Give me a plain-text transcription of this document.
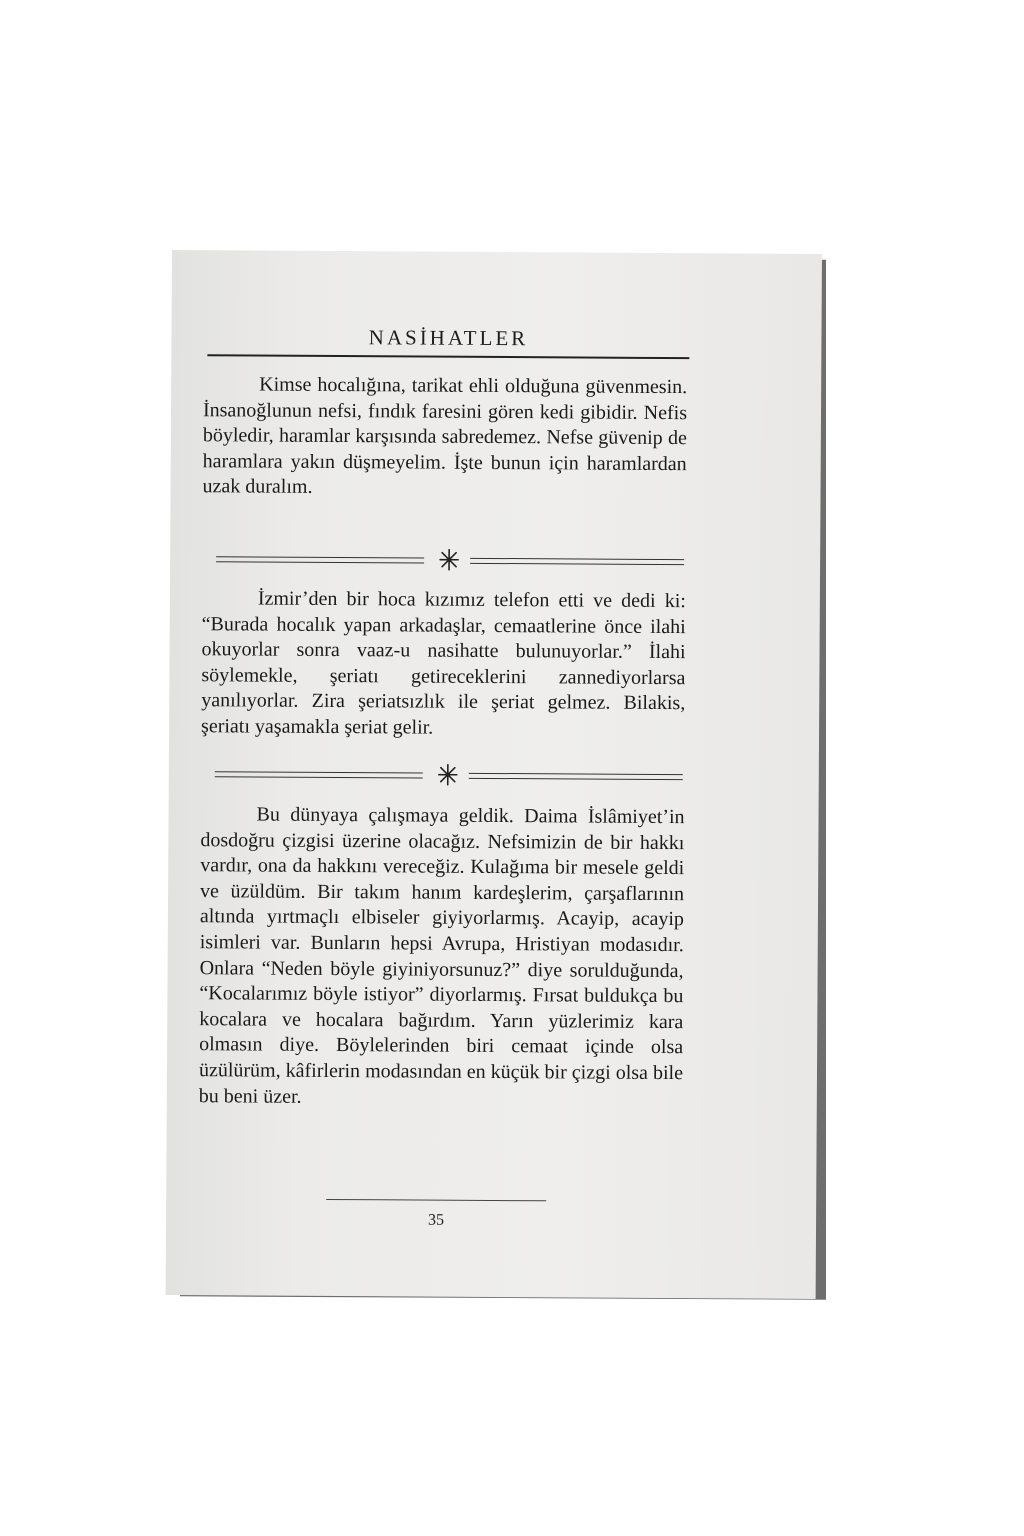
NASİHATLER

Kimse hocalığına, tarikat ehli olduğuna güvenmesin. İnsanoğlunun nefsi, fındık faresini gören kedi gibidir. Nefis böyledir, haramlar karşısında sabredemez. Nefse güvenip de haramlara yakın düşmeyelim. İşte bunun için haramlardan uzak duralım.

İzmir’den bir hoca kızımız telefon etti ve dedi ki: “Burada hocalık yapan arkadaşlar, cemaatlerine önce ilahi okuyorlar sonra vaaz-u nasihatte bulunuyorlar.” İlahi söylemekle, şeriatı getireceklerini zannediyorlarsa yanılıyorlar. Zira şeriatsızlık ile şeriat gelmez. Bilakis, şeriatı yaşamakla şeriat gelir.

Bu dünyaya çalışmaya geldik. Daima İslâmiyet’in dosdoğru çizgisi üzerine olacağız. Nefsimizin de bir hakkı vardır, ona da hakkını vereceğiz. Kulağıma bir mesele geldi ve üzüldüm. Bir takım hanım kardeşlerim, çarşaflarının altında yırtmaçlı elbiseler giyiyorlarmış. Acayip, acayip isimleri var. Bunların hepsi Avrupa, Hristiyan modasıdır. Onlara “Neden böyle giyiniyorsunuz?” diye sorulduğunda, “Kocalarımız böyle istiyor” diyorlarmış. Fırsat buldukça bu kocalara ve hocalara bağırdım. Yarın yüzlerimiz kara olmasın diye. Böylelerinden biri cemaat içinde olsa üzülürüm, kâfirlerin modasından en küçük bir çizgi olsa bile bu beni üzer.

35
